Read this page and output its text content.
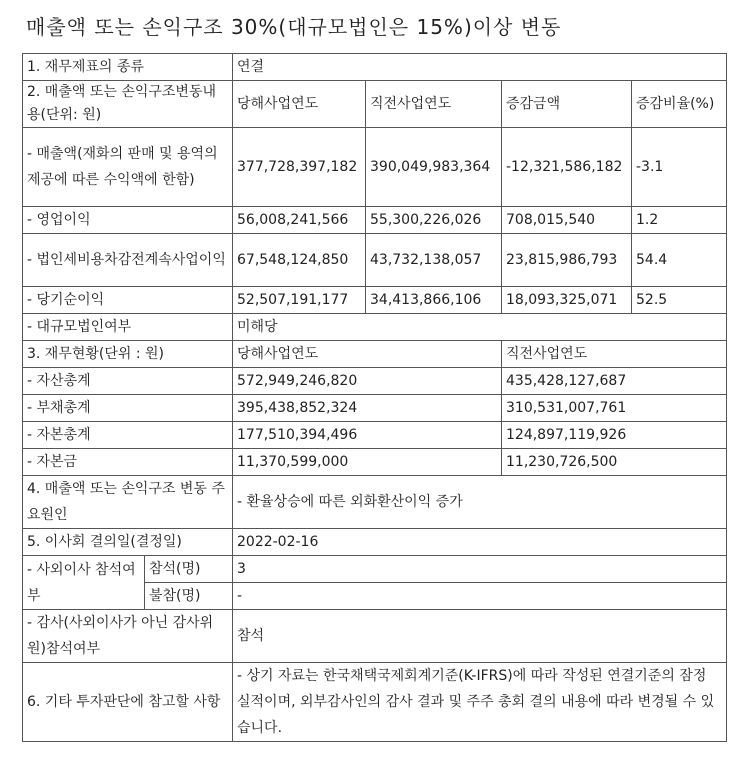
매출액 또는 손익구조 30%(대규모법인은 15%)이상 변동
1. 재무제표의 종류		연결			
2. 매출액 또는 손익구조변동내용(단위: 원)		당해사업연도	직전사업연도	증감금액	증감비율(%)
- 매출액(재화의 판매 및 용역의 제공에 따른 수익액에 한함)		377,728,397,182	390,049,983,364	-12,321,586,182	-3.1
- 영업이익		56,008,241,566	55,300,226,026	708,015,540	1.2
- 법인세비용차감전계속사업이익		67,548,124,850	43,732,138,057	23,815,986,793	54.4
- 당기순이익		52,507,191,177	34,413,866,106	18,093,325,071	52.5
- 대규모법인여부		미해당			
3. 재무현황(단위 : 원)		당해사업연도		직전사업연도	
- 자산총계		572,949,246,820		435,428,127,687	
- 부채총계		395,438,852,324		310,531,007,761	
- 자본총계		177,510,394,496		124,897,119,926	
- 자본금		11,370,599,000		11,230,726,500	
4. 매출액 또는 손익구조 변동 주요원인		- 환율상승에 따른 외화환산이익 증가			
5. 이사회 결의일(결정일)		2022-02-16			
- 사외이사 참석여부	참석(명)	3			
	불참(명)	-			
- 감사(사외이사가 아닌 감사위원)참석여부		참석			
6. 기타 투자판단에 참고할 사항		- 상기 자료는 한국채택국제회계기준(K-IFRS)에 따라 작성된 연결기준의 잠정 실적이며, 외부감사인의 감사 결과 및 주주 총회 결의 내용에 따라 변경될 수 있습니다.			
